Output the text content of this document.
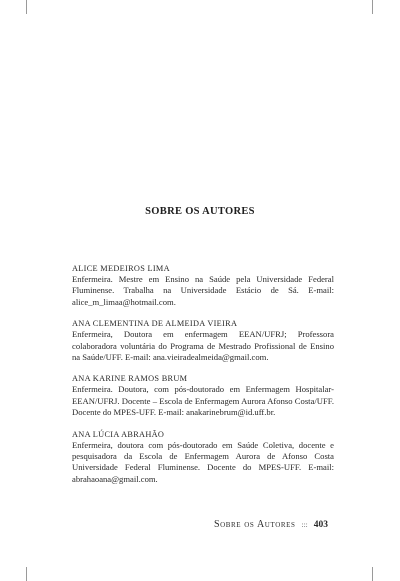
SOBRE OS AUTORES
ALICE MEDEIROS LIMA
Enfermeira. Mestre em Ensino na Saúde pela Universidade Federal Fluminense. Trabalha na Universidade Estácio de Sá. E-mail: alice_m_limaa@hotmail.com.
ANA CLEMENTINA DE ALMEIDA VIEIRA
Enfermeira, Doutora em enfermagem EEAN/UFRJ; Professora colaboradora voluntária do Programa de Mestrado Profissional de Ensino na Saúde/UFF. E-mail: ana.vieiradealmeida@gmail.com.
ANA KARINE RAMOS BRUM
Enfermeira. Doutora, com pós-doutorado em Enfermagem Hospitalar-EEAN/UFRJ. Docente – Escola de Enfermagem Aurora Afonso Costa/UFF. Docente do MPES-UFF. E-mail: anakarinebrum@id.uff.br.
ANA LÚCIA ABRAHÃO
Enfermeira, doutora com pós-doutorado em Saúde Coletiva, docente e pesquisadora da Escola de Enfermagem Aurora de Afonso Costa Universidade Federal Fluminense. Docente do MPES-UFF. E-mail: abrahaoana@gmail.com.
Sobre os Autores ::: 403
